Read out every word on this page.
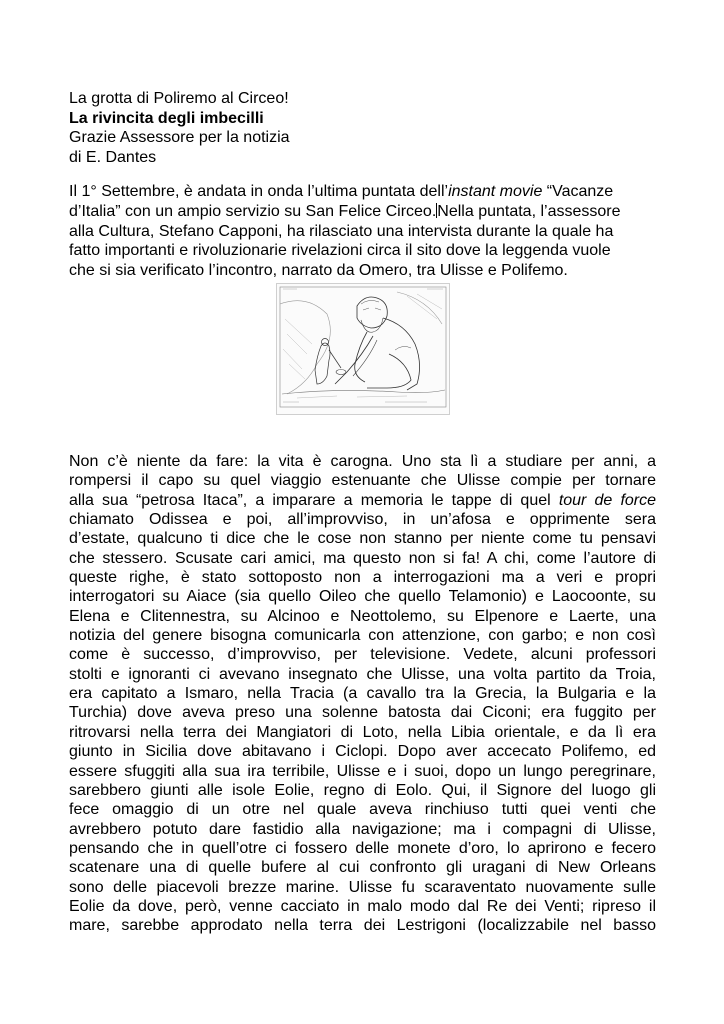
La grotta di Poliremo al Circeo!
La rivincita degli imbecilli
Grazie Assessore per la notizia
di E. Dantes
Il 1° Settembre, è andata in onda l’ultima puntata dell’instant movie “Vacanze
d’Italia” con un ampio servizio su San Felice Circeo.Nella puntata, l’assessore
alla Cultura, Stefano Capponi, ha rilasciato una intervista durante la quale ha
fatto importanti e rivoluzionarie rivelazioni circa il sito dove la leggenda vuole
che si sia verificato l’incontro, narrato da Omero, tra Ulisse e Polifemo.
Non c’è niente da fare: la vita è carogna. Uno sta lì a studiare per anni, a
rompersi il capo su quel viaggio estenuante che Ulisse compie per tornare
alla sua “petrosa Itaca”, a imparare a memoria le tappe di quel tour de force
chiamato Odissea e poi, all’improvviso, in un’afosa e opprimente sera
d’estate, qualcuno ti dice che le cose non stanno per niente come tu pensavi
che stessero. Scusate cari amici, ma questo non si fa! A chi, come l’autore di
queste righe, è stato sottoposto non a interrogazioni ma a veri e propri
interrogatori su Aiace (sia quello Oileo che quello Telamonio) e Laocoonte, su
Elena e Clitennestra, su Alcinoo e Neottolemo, su Elpenore e Laerte, una
notizia del genere bisogna comunicarla con attenzione, con garbo; e non così
come è successo, d’improvviso, per televisione. Vedete, alcuni professori
stolti e ignoranti ci avevano insegnato che Ulisse, una volta partito da Troia,
era capitato a Ismaro, nella Tracia (a cavallo tra la Grecia, la Bulgaria e la
Turchia) dove aveva preso una solenne batosta dai Ciconi; era fuggito per
ritrovarsi nella terra dei Mangiatori di Loto, nella Libia orientale, e da lì era
giunto in Sicilia dove abitavano i Ciclopi. Dopo aver accecato Polifemo, ed
essere sfuggiti alla sua ira terribile, Ulisse e i suoi, dopo un lungo peregrinare,
sarebbero giunti alle isole Eolie, regno di Eolo. Qui, il Signore del luogo gli
fece omaggio di un otre nel quale aveva rinchiuso tutti quei venti che
avrebbero potuto dare fastidio alla navigazione; ma i compagni di Ulisse,
pensando che in quell’otre ci fossero delle monete d’oro, lo aprirono e fecero
scatenare una di quelle bufere al cui confronto gli uragani di New Orleans
sono delle piacevoli brezze marine. Ulisse fu scaraventato nuovamente sulle
Eolie da dove, però, venne cacciato in malo modo dal Re dei Venti; ripreso il
mare, sarebbe approdato nella terra dei Lestrigoni (localizzabile nel basso
